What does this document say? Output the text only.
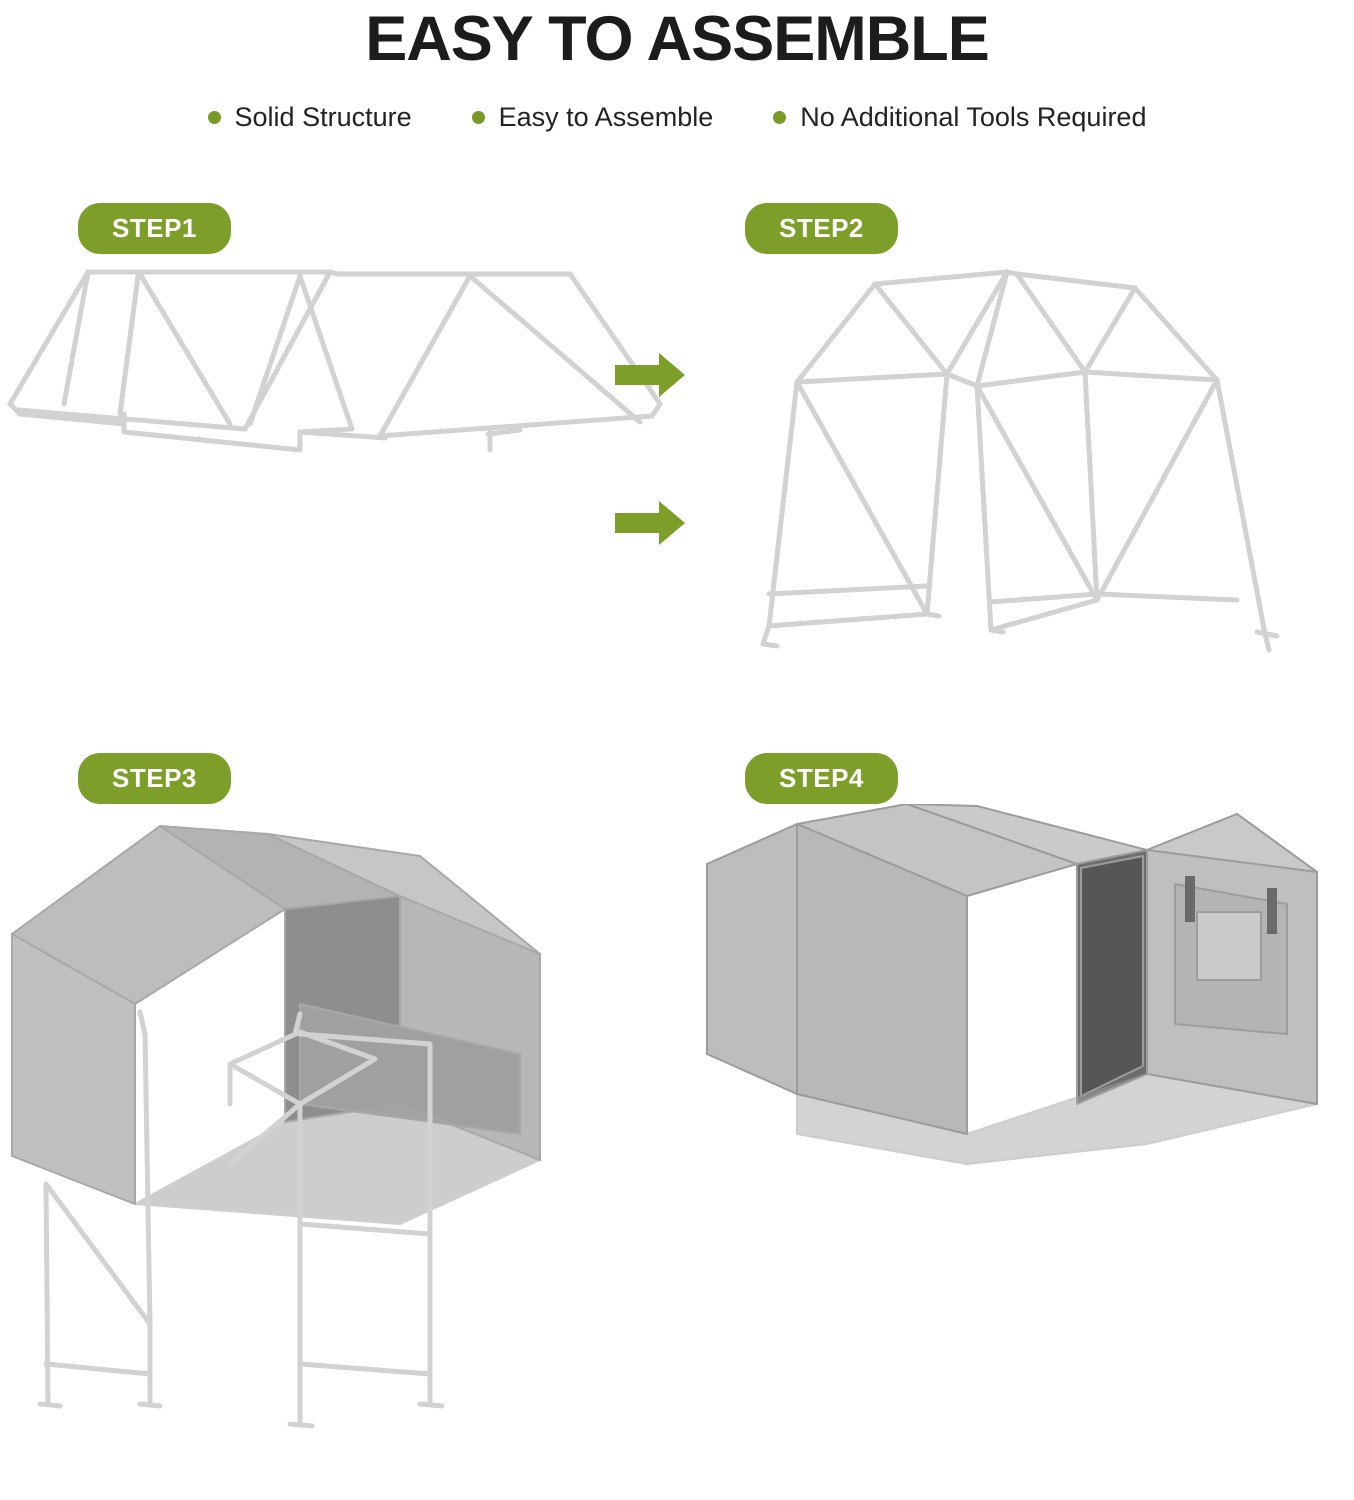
EASY TO ASSEMBLE
Solid Structure	Easy to Assemble	No Additional Tools Required
STEP1	STEP2
STEP3	STEP4
